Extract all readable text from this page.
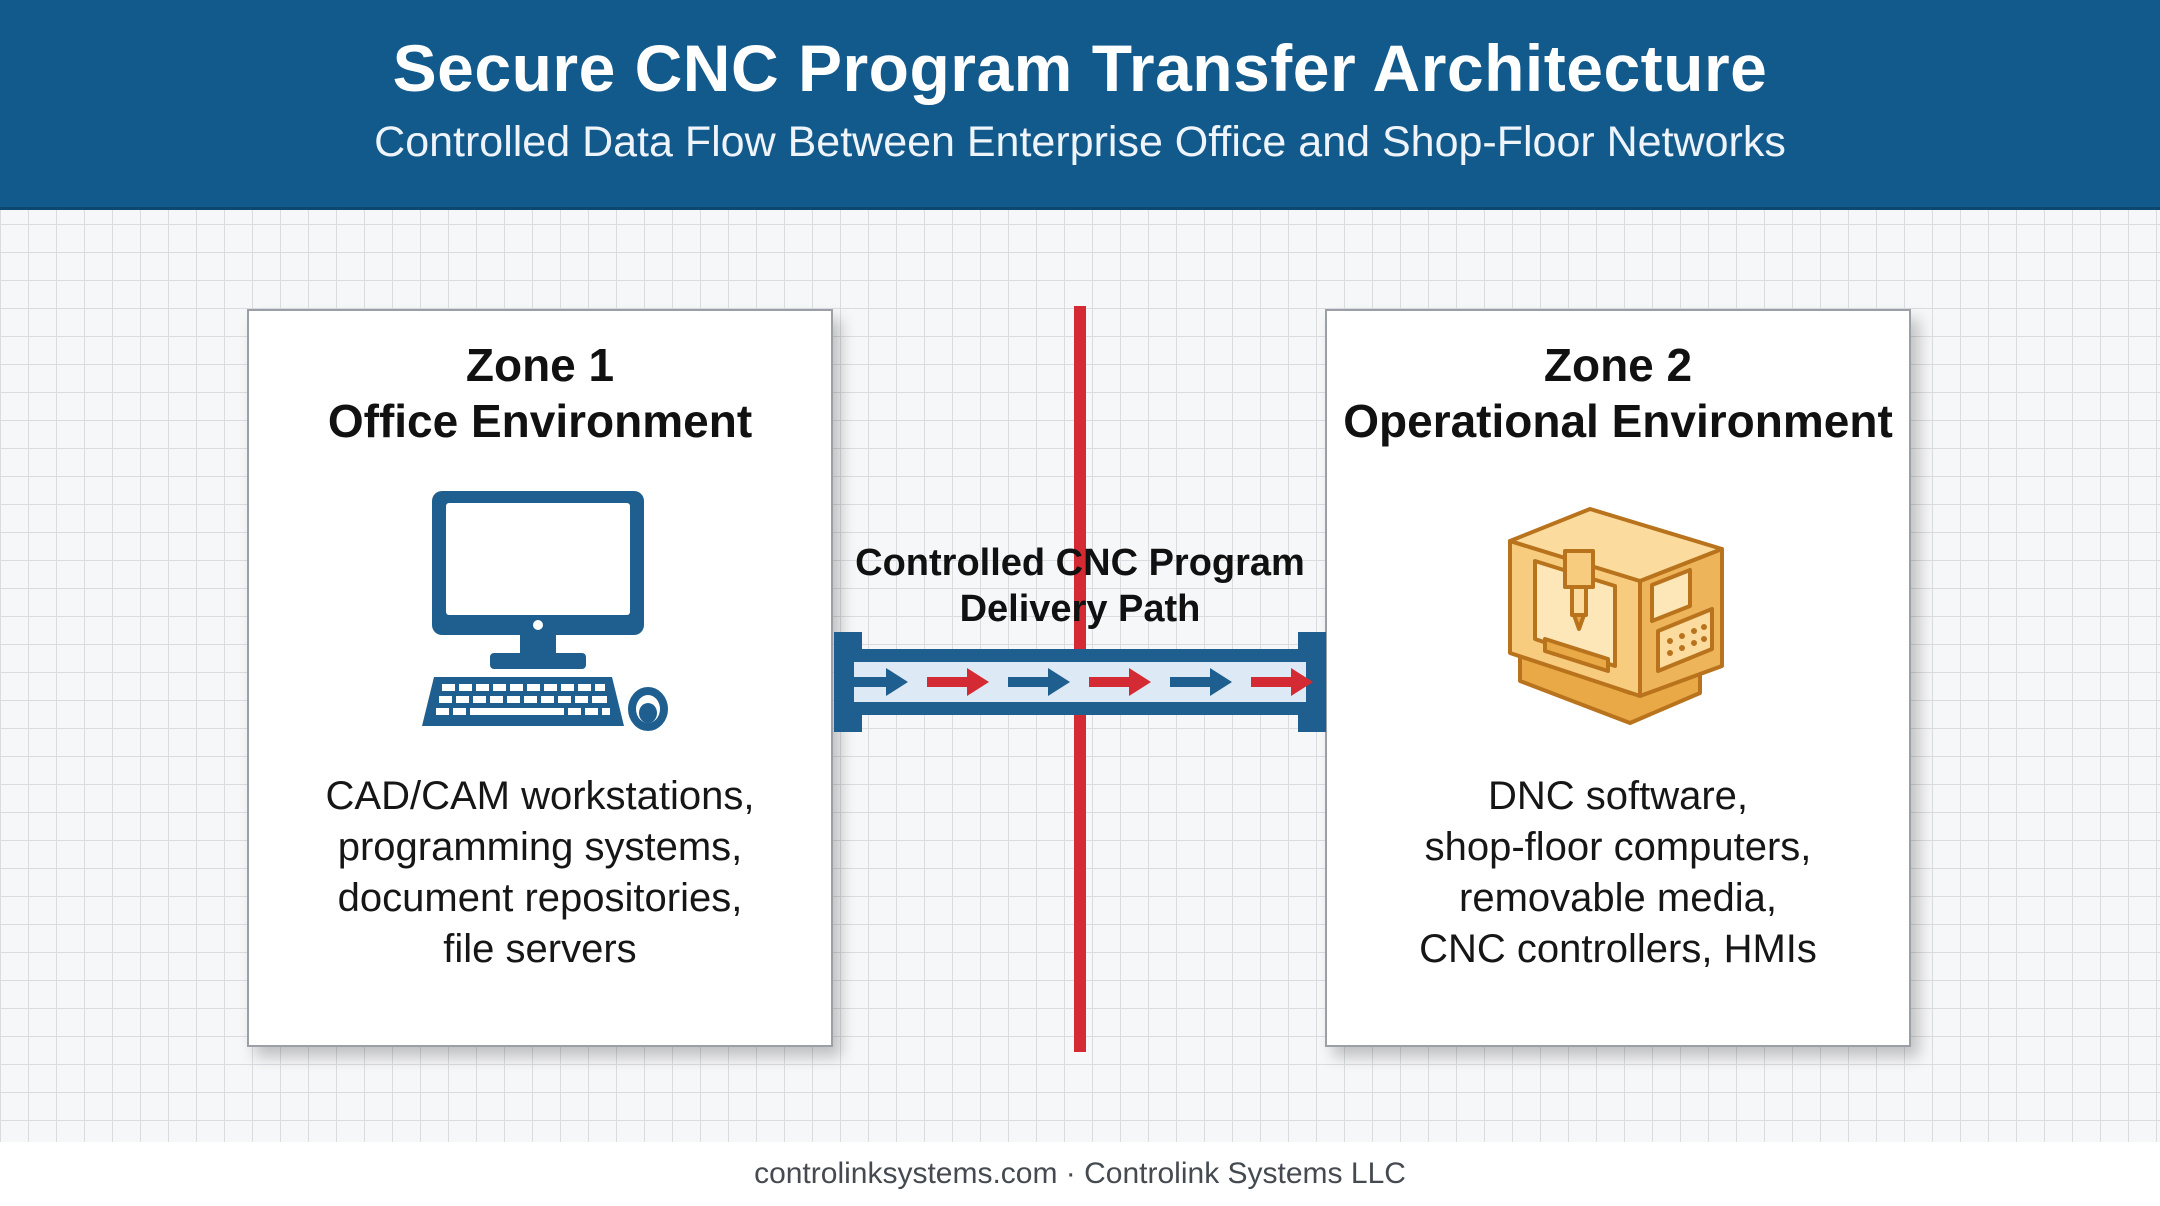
Secure CNC Program Transfer Architecture
Controlled Data Flow Between Enterprise Office and Shop-Floor Networks
Zone 1
Office Environment
CAD/CAM workstations,
programming systems,
document repositories,
file servers
Zone 2
Operational Environment
DNC software,
shop-floor computers,
removable media,
CNC controllers, HMIs
Controlled CNC Program
Delivery Path
controlinksystems.com · Controlink Systems LLC
